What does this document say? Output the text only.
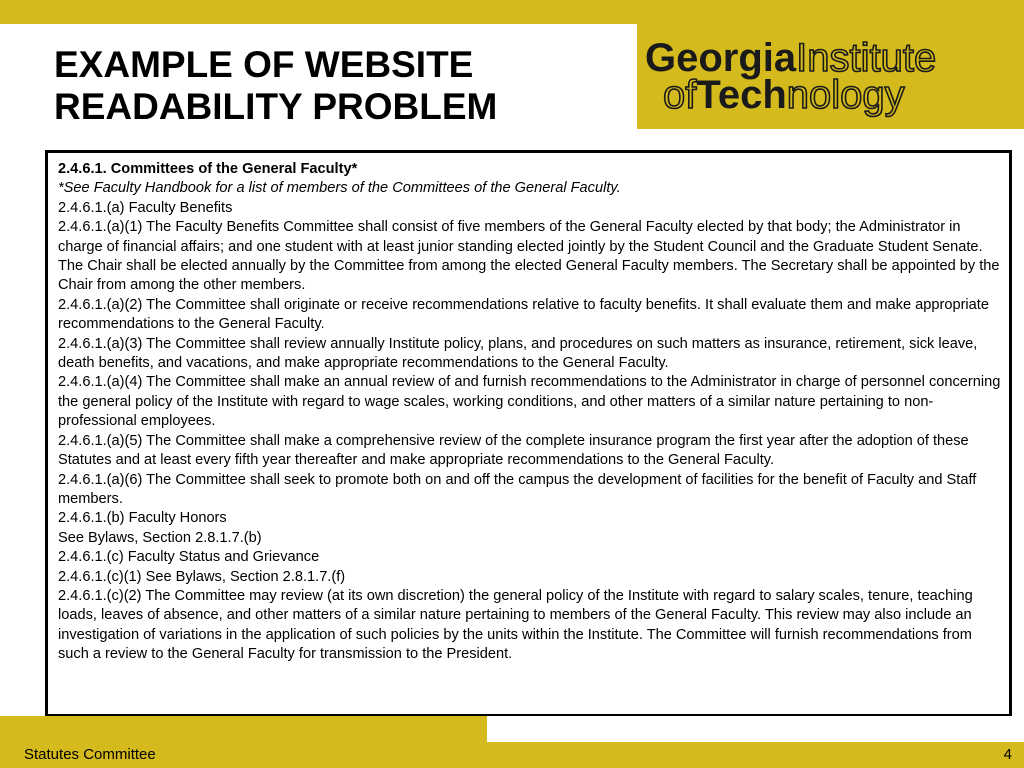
EXAMPLE OF WEBSITE
READABILITY PROBLEM
GeorgiaInstitute
ofTechnology

2.4.6.1. Committees of the General Faculty*

*See Faculty Handbook for a list of members of the Committees of the General Faculty.

2.4.6.1.(a) Faculty Benefits

2.4.6.1.(a)(1) The Faculty Benefits Committee shall consist of five members of the General Faculty elected by that body; the Administrator in charge of financial affairs; and one student with at least junior standing elected jointly by the Student Council and the Graduate Student Senate. The Chair shall be elected annually by the Committee from among the elected General Faculty members. The Secretary shall be appointed by the Chair from among the other members.

2.4.6.1.(a)(2) The Committee shall originate or receive recommendations relative to faculty benefits. It shall evaluate them and make appropriate recommendations to the General Faculty.

2.4.6.1.(a)(3) The Committee shall review annually Institute policy, plans, and procedures on such matters as insurance, retirement, sick leave, death benefits, and vacations, and make appropriate recommendations to the General Faculty.

2.4.6.1.(a)(4) The Committee shall make an annual review of and furnish recommendations to the Administrator in charge of personnel concerning the general policy of the Institute with regard to wage scales, working conditions, and other matters of a similar nature pertaining to non-professional employees.

2.4.6.1.(a)(5) The Committee shall make a comprehensive review of the complete insurance program the first year after the adoption of these Statutes and at least every fifth year thereafter and make appropriate recommendations to the General Faculty.

2.4.6.1.(a)(6) The Committee shall seek to promote both on and off the campus the development of facilities for the benefit of Faculty and Staff members.

2.4.6.1.(b) Faculty Honors

See Bylaws, Section 2.8.1.7.(b)

2.4.6.1.(c) Faculty Status and Grievance

2.4.6.1.(c)(1) See Bylaws, Section 2.8.1.7.(f)

2.4.6.1.(c)(2) The Committee may review (at its own discretion) the general policy of the Institute with regard to salary scales, tenure, teaching loads, leaves of absence, and other matters of a similar nature pertaining to members of the General Faculty. This review may also include an investigation of variations in the application of such policies by the units within the Institute. The Committee will furnish recommendations from such a review to the General Faculty for transmission to the President.

Statutes Committee	4
